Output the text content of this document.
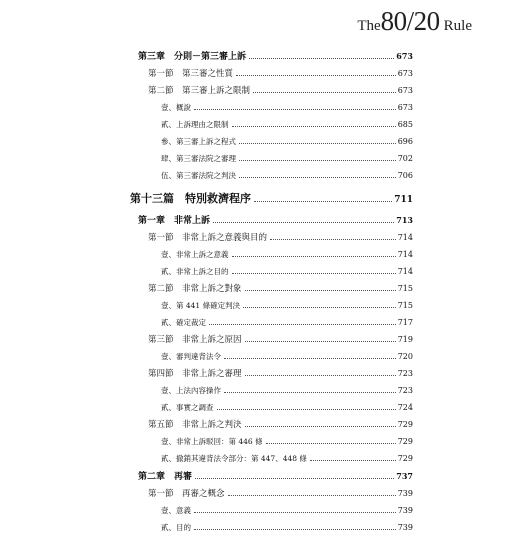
The80/20 Rule
第三章　分則－第三審上訴	673
第一節　第三審之性質	673
第二節　第三審上訴之限制	673
壹、概說	673
貳、上訴理由之限制	685
參、第三審上訴之程式	696
肆、第三審法院之審理	702
伍、第三審法院之判決	706
第十三篇　特別救濟程序	711
第一章　非常上訴	713
第一節　非常上訴之意義與目的	714
壹、非常上訴之意義	714
貳、非常上訴之目的	714
第二節　非常上訴之對象	715
壹、第 441 條確定判決	715
貳、確定裁定	717
第三節　非常上訴之原因	719
壹、審判違背法令	720
第四節　非常上訴之審理	723
壹、上法內容操作	723
貳、事實之調查	724
第五節　非常上訴之判決	729
壹、非常上訴駁回：第 446 條	729
貳、撤銷其違背法令部分：第 447、448 條	729
第二章　再審	737
第一節　再審之概念	739
壹、意義	739
貳、目的	739
